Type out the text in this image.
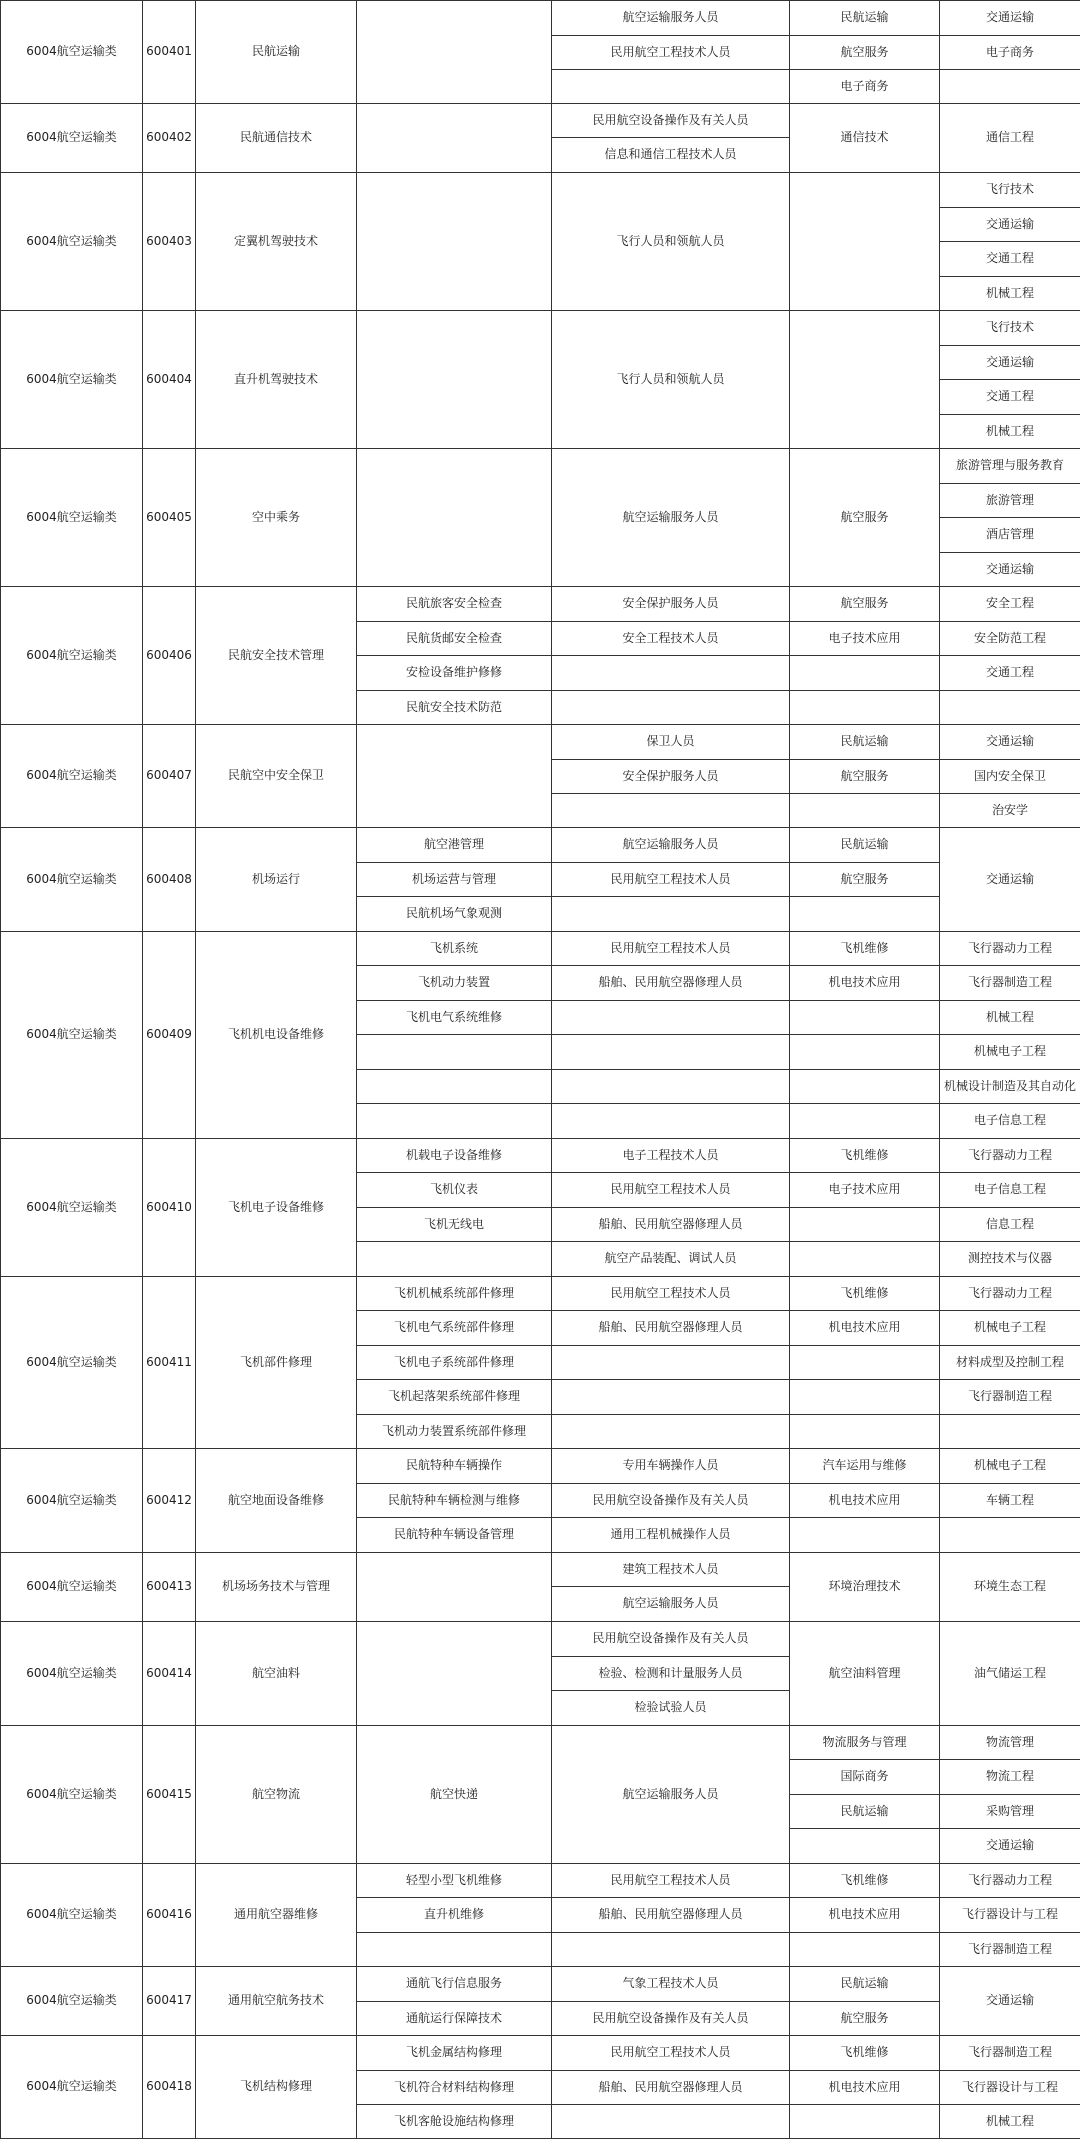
6004航空运输类	600401	民航运输		航空运输服务人员	民航运输	交通运输
				民用航空工程技术人员	航空服务	电子商务
					电子商务	
6004航空运输类	600402	民航通信技术		民用航空设备操作及有关人员	通信技术	通信工程
				信息和通信工程技术人员		
6004航空运输类	600403	定翼机驾驶技术		飞行人员和领航人员		飞行技术
						交通运输
						交通工程
						机械工程
6004航空运输类	600404	直升机驾驶技术		飞行人员和领航人员		飞行技术
						交通运输
						交通工程
						机械工程
6004航空运输类	600405	空中乘务		航空运输服务人员	航空服务	旅游管理与服务教育
						旅游管理
						酒店管理
						交通运输
6004航空运输类	600406	民航安全技术管理	民航旅客安全检查	安全保护服务人员	航空服务	安全工程
			民航货邮安全检查	安全工程技术人员	电子技术应用	安全防范工程
			安检设备维护修修			交通工程
			民航安全技术防范			
6004航空运输类	600407	民航空中安全保卫		保卫人员	民航运输	交通运输
				安全保护服务人员	航空服务	国内安全保卫
						治安学
6004航空运输类	600408	机场运行	航空港管理	航空运输服务人员	民航运输	交通运输
			机场运营与管理	民用航空工程技术人员	航空服务	
			民航机场气象观测			
6004航空运输类	600409	飞机机电设备维修	飞机系统	民用航空工程技术人员	飞机维修	飞行器动力工程
			飞机动力装置	船舶、民用航空器修理人员	机电技术应用	飞行器制造工程
			飞机电气系统维修			机械工程
						机械电子工程
						机械设计制造及其自动化
						电子信息工程
6004航空运输类	600410	飞机电子设备维修	机载电子设备维修	电子工程技术人员	飞机维修	飞行器动力工程
			飞机仪表	民用航空工程技术人员	电子技术应用	电子信息工程
			飞机无线电	船舶、民用航空器修理人员		信息工程
				航空产品装配、调试人员		测控技术与仪器
6004航空运输类	600411	飞机部件修理	飞机机械系统部件修理	民用航空工程技术人员	飞机维修	飞行器动力工程
			飞机电气系统部件修理	船舶、民用航空器修理人员	机电技术应用	机械电子工程
			飞机电子系统部件修理			材料成型及控制工程
			飞机起落架系统部件修理			飞行器制造工程
			飞机动力装置系统部件修理			
6004航空运输类	600412	航空地面设备维修	民航特种车辆操作	专用车辆操作人员	汽车运用与维修	机械电子工程
			民航特种车辆检测与维修	民用航空设备操作及有关人员	机电技术应用	车辆工程
			民航特种车辆设备管理	通用工程机械操作人员		
6004航空运输类	600413	机场场务技术与管理		建筑工程技术人员	环境治理技术	环境生态工程
				航空运输服务人员		
6004航空运输类	600414	航空油料		民用航空设备操作及有关人员	航空油料管理	油气储运工程
				检验、检测和计量服务人员		
				检验试验人员		
6004航空运输类	600415	航空物流	航空快递	航空运输服务人员	物流服务与管理	物流管理
					国际商务	物流工程
					民航运输	采购管理
						交通运输
6004航空运输类	600416	通用航空器维修	轻型小型飞机维修	民用航空工程技术人员	飞机维修	飞行器动力工程
			直升机维修	船舶、民用航空器修理人员	机电技术应用	飞行器设计与工程
						飞行器制造工程
6004航空运输类	600417	通用航空航务技术	通航飞行信息服务	气象工程技术人员	民航运输	交通运输
			通航运行保障技术	民用航空设备操作及有关人员	航空服务	
6004航空运输类	600418	飞机结构修理	飞机金属结构修理	民用航空工程技术人员	飞机维修	飞行器制造工程
			飞机符合材料结构修理	船舶、民用航空器修理人员	机电技术应用	飞行器设计与工程
			飞机客舱设施结构修理			机械工程
